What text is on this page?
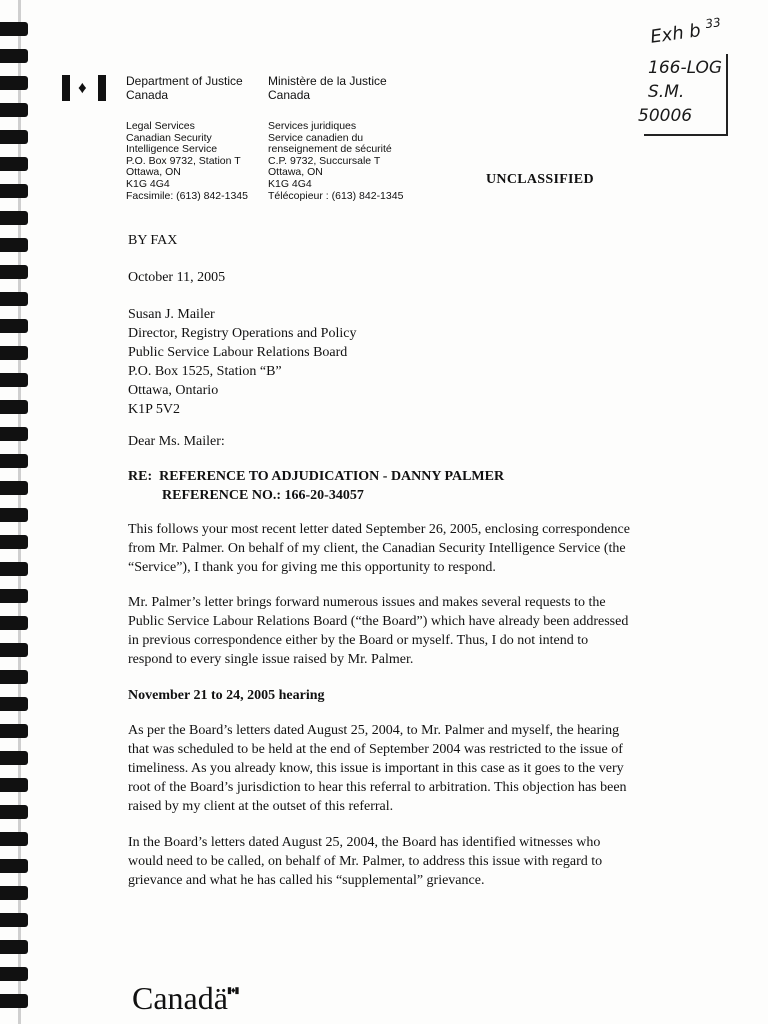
♦	Department of Justice
Canada
Ministère de la Justice
Canada
Legal Services
Canadian Security
Intelligence Service
P.O. Box 9732, Station T
Ottawa, ON
K1G 4G4
Facsimile: (613) 842-1345
Services juridiques
Service canadien du
renseignement de sécurité
C.P. 9732, Succursale T
Ottawa, ON
K1G 4G4
Télécopieur : (613) 842-1345
UNCLASSIFIED
Exh b $^{33}$
166-LOG
S.M.
50006
BY FAX
October 11, 2005

Susan J. Mailer

Director, Registry Operations and Policy

Public Service Labour Relations Board

P.O. Box 1525, Station “B”

Ottawa, Ontario

K1P 5V2

Dear Ms. Mailer:

RE: REFERENCE TO ADJUDICATION - DANNY PALMER

REFERENCE NO.: 166-20-34057

This follows your most recent letter dated September 26, 2005, enclosing correspondence

from Mr. Palmer. On behalf of my client, the Canadian Security Intelligence Service (the

“Service”), I thank you for giving me this opportunity to respond.

Mr. Palmer’s letter brings forward numerous issues and makes several requests to the

Public Service Labour Relations Board (“the Board”) which have already been addressed

in previous correspondence either by the Board or myself. Thus, I do not intend to

respond to every single issue raised by Mr. Palmer.

November 21 to 24, 2005 hearing

As per the Board’s letters dated August 25, 2004, to Mr. Palmer and myself, the hearing

that was scheduled to be held at the end of September 2004 was restricted to the issue of

timeliness. As you already know, this issue is important in this case as it goes to the very

root of the Board’s jurisdiction to hear this referral to arbitration. This objection has been

raised by my client at the outset of this referral.

In the Board’s letters dated August 25, 2004, the Board has identified witnesses who

would need to be called, on behalf of Mr. Palmer, to address this issue with regard to

grievance and what he has called his “supplemental” grievance.

Canadä ▮♦▮
